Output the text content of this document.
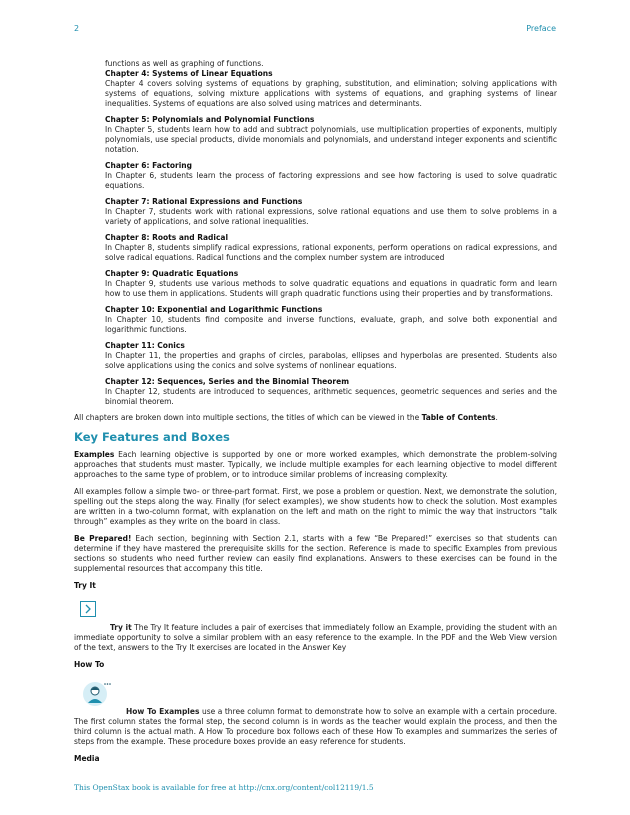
2	Preface

functions as well as graphing of functions.

Chapter 4: Systems of Linear Equations

Chapter 4 covers solving systems of equations by graphing, substitution, and elimination; solving applications with systems of equations, solving mixture applications with systems of equations, and graphing systems of linear inequalities. Systems of equations are also solved using matrices and determinants.

Chapter 5: Polynomials and Polynomial Functions

In Chapter 5, students learn how to add and subtract polynomials, use multiplication properties of exponents, multiply polynomials, use special products, divide monomials and polynomials, and understand integer exponents and scientific notation.

Chapter 6: Factoring

In Chapter 6, students learn the process of factoring expressions and see how factoring is used to solve quadratic equations.

Chapter 7: Rational Expressions and Functions

In Chapter 7, students work with rational expressions, solve rational equations and use them to solve problems in a variety of applications, and solve rational inequalities.

Chapter 8: Roots and Radical

In Chapter 8, students simplify radical expressions, rational exponents, perform operations on radical expressions, and solve radical equations. Radical functions and the complex number system are introduced

Chapter 9: Quadratic Equations

In Chapter 9, students use various methods to solve quadratic equations and equations in quadratic form and learn how to use them in applications. Students will graph quadratic functions using their properties and by transformations.

Chapter 10: Exponential and Logarithmic Functions

In Chapter 10, students find composite and inverse functions, evaluate, graph, and solve both exponential and logarithmic functions.

Chapter 11: Conics

In Chapter 11, the properties and graphs of circles, parabolas, ellipses and hyperbolas are presented. Students also solve applications using the conics and solve systems of nonlinear equations.

Chapter 12: Sequences, Series and the Binomial Theorem

In Chapter 12, students are introduced to sequences, arithmetic sequences, geometric sequences and series and the binomial theorem.

All chapters are broken down into multiple sections, the titles of which can be viewed in the Table of Contents.

Key Features and Boxes

Examples Each learning objective is supported by one or more worked examples, which demonstrate the problem-solving approaches that students must master. Typically, we include multiple examples for each learning objective to model different approaches to the same type of problem, or to introduce similar problems of increasing complexity.

All examples follow a simple two- or three-part format. First, we pose a problem or question. Next, we demonstrate the solution, spelling out the steps along the way. Finally (for select examples), we show students how to check the solution. Most examples are written in a two-column format, with explanation on the left and math on the right to mimic the way that instructors “talk through” examples as they write on the board in class.

Be Prepared! Each section, beginning with Section 2.1, starts with a few “Be Prepared!” exercises so that students can determine if they have mastered the prerequisite skills for the section. Reference is made to specific Examples from previous sections so students who need further review can easily find explanations. Answers to these exercises can be found in the supplemental resources that accompany this title.

Try It

Try it The Try It feature includes a pair of exercises that immediately follow an Example, providing the student with an immediate opportunity to solve a similar problem with an easy reference to the example. In the PDF and the Web View version of the text, answers to the Try It exercises are located in the Answer Key

How To

How To Examples use a three column format to demonstrate how to solve an example with a certain procedure. The first column states the formal step, the second column is in words as the teacher would explain the process, and then the third column is the actual math. A How To procedure box follows each of these How To examples and summarizes the series of steps from the example. These procedure boxes provide an easy reference for students.

Media
This OpenStax book is available for free at http://cnx.org/content/col12119/1.5
